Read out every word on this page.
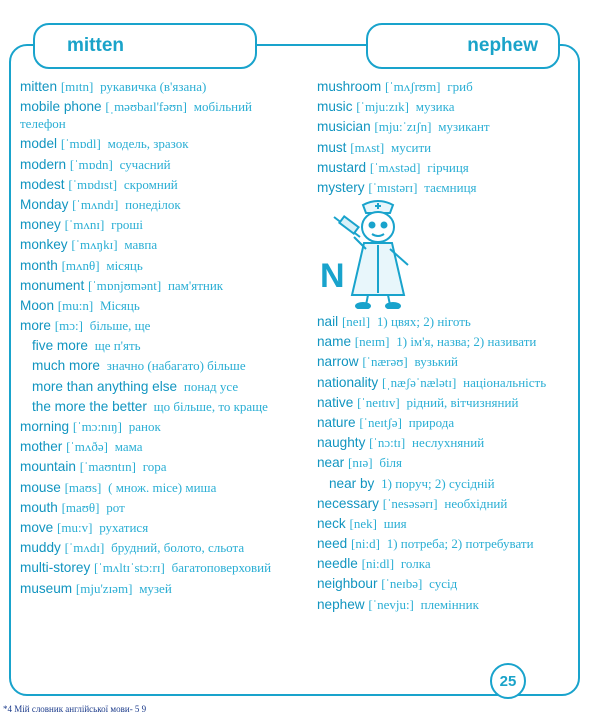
mitten	nephew
mitten [mɪtn] рукавичка (в'язана)
mobile phone [ˌməʊbaɪl'fəʊn] мобільний телефон
model [ˈmɒdl] модель, зразок
modern [ˈmɒdn] сучасний
modest [ˈmɒdɪst] скромний
Monday [ˈmʌndɪ] понеділок
money [ˈmʌnɪ] гроші
monkey [ˈmʌŋkɪ] мавпа
month [mʌnθ] місяць
monument [ˈmɒnjʊmənt] пам'ятник
Moon [mu:n] Місяць
more [mɔ:] більше, ще
five more ще п'ять
much more значно (набагато) більше
more than anything else понад усе
the more the better що більше, то краще
morning [ˈmɔ:nɪŋ] ранок
mother [ˈmʌðə] мама
mountain [ˈmaʊntɪn] гора
mouse [maʊs] ( множ. mice) миша
mouth [maʊθ] рот
move [mu:v] рухатися
muddy [ˈmʌdɪ] брудний, болото, сльота
multi-storey [ˈmʌltɪˈstɔ:rɪ] багатоповерховий
museum [mju'zɪəm] музей
mushroom [ˈmʌʃrʊm] гриб
music [ˈmju:zɪk] музика
musician [mju:ˈzɪʃn] музикант
must [mʌst] мусити
mustard [ˈmʌstəd] гірчиця
mystery [ˈmɪstərɪ] таємниця
N
nail [neɪl] 1) цвях; 2) ніготь
name [neɪm] 1) ім'я, назва; 2) називати
narrow [ˈnærəʊ] вузький
nationality [ˌnæʃəˈnælətɪ] національність
native [ˈneɪtɪv] рідний, вітчизняний
nature [ˈneɪtʃə] природа
naughty [ˈnɔ:tɪ] неслухняний
near [nɪə] біля
near by 1) поруч; 2) сусідній
necessary [ˈnesəsərɪ] необхідний
neck [nek] шия
need [ni:d] 1) потреба; 2) потребувати
needle [ni:dl] голка
neighbour [ˈneɪbə] сусід
nephew [ˈnevju:] племінник
25
*4 Мій словник англійської мови- 5 9
